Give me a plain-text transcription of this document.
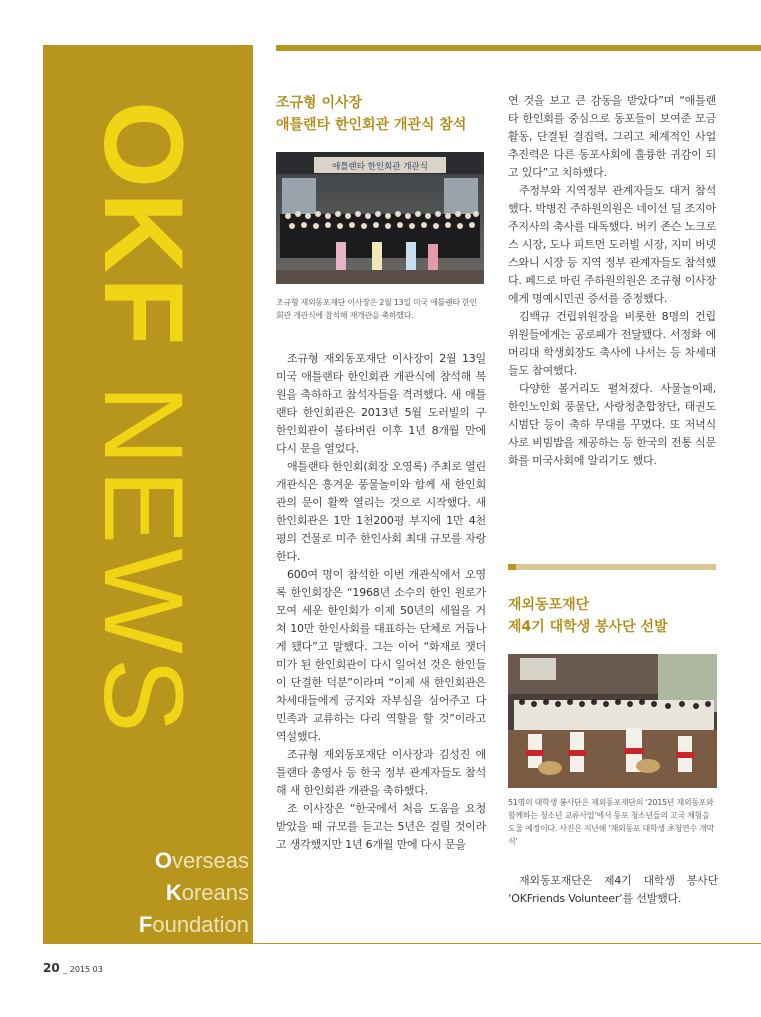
OKF NEWS
Overseas
Koreans
Foundation
조규형 이사장
애틀랜타 한인회관 개관식 참석
애틀랜타 한인회관 개관식
조규형 재외동포재단 이사장은 2월 13일 미국 애틀랜타 한인회관 개관식에 참석해 재개관을 축하했다.

조규형 재외동포재단 이사장이 2월 13일 미국 애틀랜타 한인회관 개관식에 참석해 복원을 축하하고 참석자들을 격려했다. 새 애틀랜타 한인회관은 2013년 5월 도러빌의 구 한인회관이 불타버린 이후 1년 8개월 만에 다시 문을 열었다.

애틀랜타 한인회(회장 오영록) 주최로 열린 개관식은 흥겨운 풍물놀이와 함께 새 한인회관의 문이 활짝 열리는 것으로 시작했다. 새 한인회관은 1만 1천200평 부지에 1만 4천 평의 건물로 미주 한인사회 최대 규모를 자랑한다.

600여 명이 참석한 이번 개관식에서 오영록 한인회장은 “1968년 소수의 한인 원로가 모여 세운 한인회가 이제 50년의 세월을 거쳐 10만 한인사회를 대표하는 단체로 거듭나게 됐다”고 말했다. 그는 이어 “화재로 잿더미가 된 한인회관이 다시 일어선 것은 한인들이 단결한 덕분”이라며 “이제 새 한인회관은 차세대들에게 긍지와 자부심을 심어주고 다민족과 교류하는 다리 역할을 할 것”이라고 역설했다.

조규형 재외동포재단 이사장과 김성진 애틀랜타 총영사 등 한국 정부 관계자들도 참석해 새 한인회관 개관을 축하했다.

조 이사장은 “한국에서 처음 도움을 요청받았을 때 규모를 듣고는 5년은 걸릴 것이라고 생각했지만 1년 6개월 만에 다시 문을

연 것을 보고 큰 감동을 받았다”며 “애틀랜타 한인회를 중심으로 동포들이 보여준 모금 활동, 단결된 결집력, 그리고 체계적인 사업 추진력은 다른 동포사회에 훌륭한 귀감이 되고 있다”고 치하했다.

주정부와 지역정부 관계자들도 대거 참석했다. 박병진 주하원의원은 네이선 딜 조지아 주지사의 축사를 대독했다. 버키 존슨 노크로스 시장, 도나 피트먼 도러빌 시장, 지미 버넷 스와니 시장 등 지역 정부 관계자들도 참석했다. 페드로 마린 주하원의원은 조규형 이사장에게 명예시민권 증서를 증정했다.

김백규 건립위원장을 비롯한 8명의 건립위원들에게는 공로패가 전달됐다. 서정화 에머리대 학생회장도 축사에 나서는 등 차세대들도 참여했다.

다양한 볼거리도 펼쳐졌다. 사물놀이패, 한인노인회 풍물단, 사랑청춘합창단, 태권도 시범단 등이 축하 무대를 꾸몄다. 또 저녁식사로 비빔밥을 제공하는 등 한국의 전통 식문화를 미국사회에 알리기도 했다.

재외동포재단
제4기 대학생 봉사단 선발
51명의 대학생 봉사단은 재외동포재단의 ‘2015년 재외동포와 함께하는 청소년 교류사업’에서 동포 청소년들의 고국 체험을 도울 예정이다. 사진은 지난해 ‘재외동포 대학생 초청연수 개막식’

재외동포재단은 제4기 대학생 봉사단 ‘OKFriends Volunteer’를 선발했다.

20 _ 2015 03
